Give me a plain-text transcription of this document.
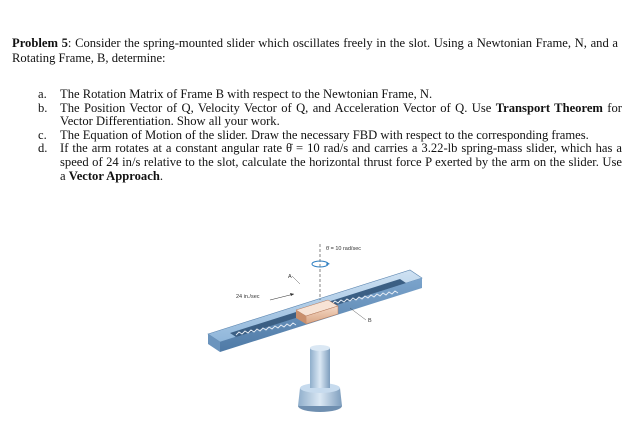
Problem 5: Consider the spring-mounted slider which oscillates freely in the slot. Using a Newtonian Frame, N, and a Rotating Frame, B, determine:

a. The Rotation Matrix of Frame B with respect to the Newtonian Frame, N.

b. The Position Vector of Q, Velocity Vector of Q, and Acceleration Vector of Q. Use Transport Theorem for Vector Differentiation. Show all your work.

c. The Equation of Motion of the slider. Draw the necessary FBD with respect to the corresponding frames.

d. If the arm rotates at a constant angular rate θ̇ = 10 rad/s and carries a 3.22-lb spring-mass slider, which has a speed of 24 in/s relative to the slot, calculate the horizontal thrust force P exerted by the arm on the slider. Use a Vector Approach.

θ̇ = 10 rad/sec
24 in./sec
A
B
